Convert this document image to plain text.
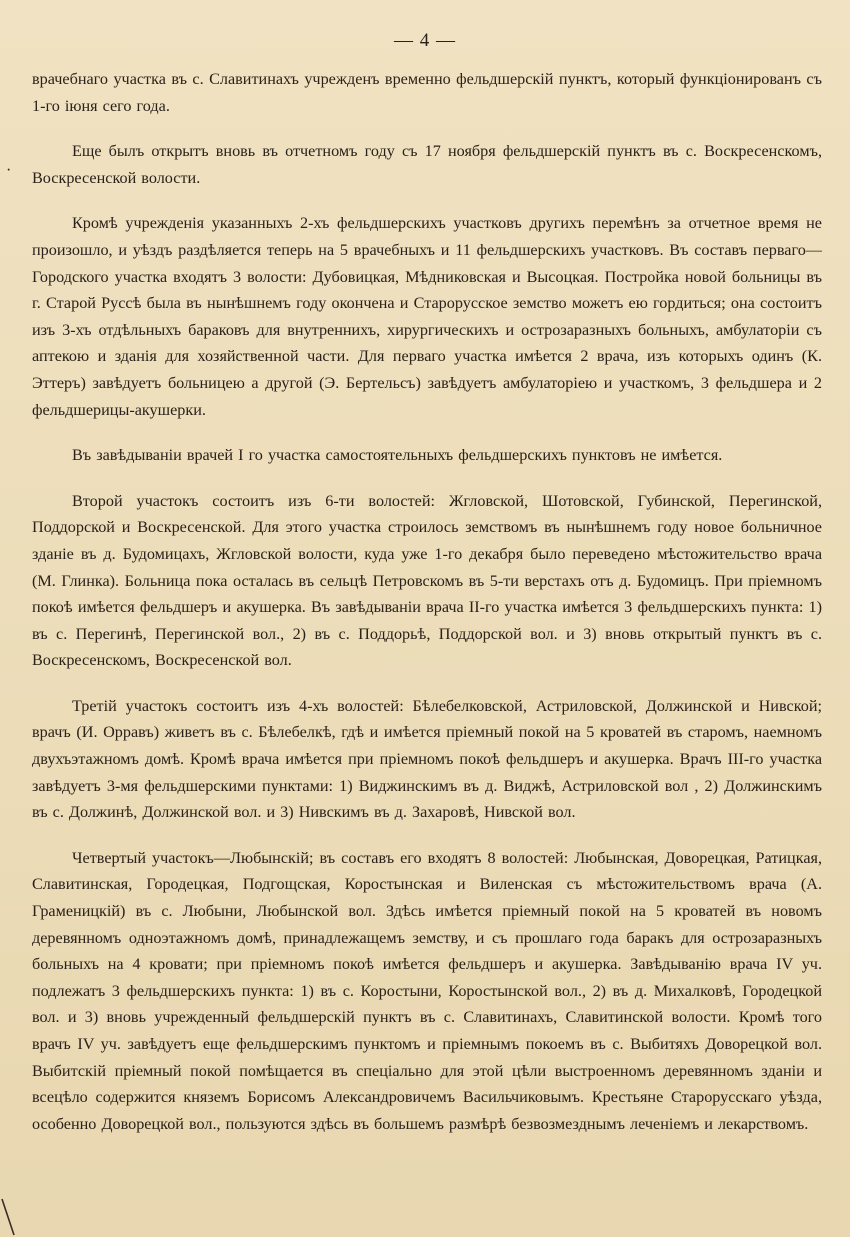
— 4 —
·

врачебнаго участка въ с. Славитинахъ учрежденъ временно фельдшерскій пунктъ, который функціонированъ съ 1-го іюня сего года.

Еще былъ открытъ вновь въ отчетномъ году съ 17 ноября фельдшерскій пунктъ въ с. Воскресенскомъ, Воскресенской волости.

Кромѣ учрежденія указанныхъ 2-хъ фельдшерскихъ участковъ другихъ перемѣнъ за отчетное время не произошло, и уѣздъ раздѣляется теперь на 5 врачебныхъ и 11 фельдшерскихъ участковъ. Въ составъ перваго—Городского участка входятъ 3 волости: Дубовицкая, Мѣдниковская и Высоцкая. Постройка новой больницы въ г. Старой Руссѣ была въ нынѣшнемъ году окончена и Старорусское земство можетъ ею гордиться; она состоитъ изъ 3-хъ отдѣльныхъ бараковъ для внутреннихъ, хирургическихъ и острозаразныхъ больныхъ, амбулаторіи съ аптекою и зданія для хозяйственной части. Для перваго участка имѣется 2 врача, изъ которыхъ одинъ (К. Эттеръ) завѣдуетъ больницею а другой (Э. Бертельсъ) завѣдуетъ амбулаторіею и участкомъ, 3 фельдшера и 2 фельдшерицы-акушерки.

Въ завѣдываніи врачей I го участка самостоятельныхъ фельдшерскихъ пунктовъ не имѣется.

Второй участокъ состоитъ изъ 6-ти волостей: Жгловской, Шотовской, Губинской, Перегинской, Поддорской и Воскресенской. Для этого участка строилось земствомъ въ нынѣшнемъ году новое больничное зданіе въ д. Будомицахъ, Жгловской волости, куда уже 1-го декабря было переведено мѣстожительство врача (М. Глинка). Больница пока осталась въ сельцѣ Петровскомъ въ 5-ти верстахъ отъ д. Будомицъ. При пріемномъ покоѣ имѣется фельдшеръ и акушерка. Въ завѣдываніи врача II-го участка имѣется 3 фельдшерскихъ пункта: 1) въ с. Перегинѣ, Перегинской вол., 2) въ с. Поддорьѣ, Поддорской вол. и 3) вновь открытый пунктъ въ с. Воскресенскомъ, Воскресенской вол.

Третій участокъ состоитъ изъ 4-хъ волостей: Бѣлебелковской, Астриловской, Должинской и Нивской; врачъ (И. Орравъ) живетъ въ с. Бѣлебелкѣ, гдѣ и имѣется пріемный покой на 5 кроватей въ старомъ, наемномъ двухъэтажномъ домѣ. Кромѣ врача имѣется при пріемномъ покоѣ фельдшеръ и акушерка. Врачъ III-го участка завѣдуетъ 3-мя фельдшерскими пунктами: 1) Виджинскимъ въ д. Виджѣ, Астриловской вол , 2) Должинскимъ въ с. Должинѣ, Должинской вол. и 3) Нивскимъ въ д. Захаровѣ, Нивской вол.

Четвертый участокъ—Любынскій; въ составъ его входятъ 8 волостей: Любынская, Доворецкая, Ратицкая, Славитинская, Городецкая, Подгощская, Коростынская и Виленская съ мѣстожительствомъ врача (А. Граменицкій) въ с. Любыни, Любынской вол. Здѣсь имѣется пріемный покой на 5 кроватей въ новомъ деревянномъ одноэтажномъ домѣ, принадлежащемъ земству, и съ прошлаго года баракъ для острозаразныхъ больныхъ на 4 кровати; при пріемномъ покоѣ имѣется фельдшеръ и акушерка. Завѣдыванію врача IV уч. подлежатъ 3 фельдшерскихъ пункта: 1) въ с. Коростыни, Коростынской вол., 2) въ д. Михалковѣ, Городецкой вол. и 3) вновь учрежденный фельдшерскій пунктъ въ с. Славитинахъ, Славитинской волости. Кромѣ того врачъ IV уч. завѣдуетъ еще фельдшерскимъ пунктомъ и пріемнымъ покоемъ въ с. Выбитяхъ Доворецкой вол. Выбитскій пріемный покой помѣщается въ спеціально для этой цѣли выстроенномъ деревянномъ зданіи и всецѣло содержится княземъ Борисомъ Александровичемъ Васильчиковымъ. Крестьяне Старорусскаго уѣзда, особенно Доворецкой вол., пользуются здѣсь въ большемъ размѣрѣ безвозмезднымъ леченіемъ и лекарствомъ.
